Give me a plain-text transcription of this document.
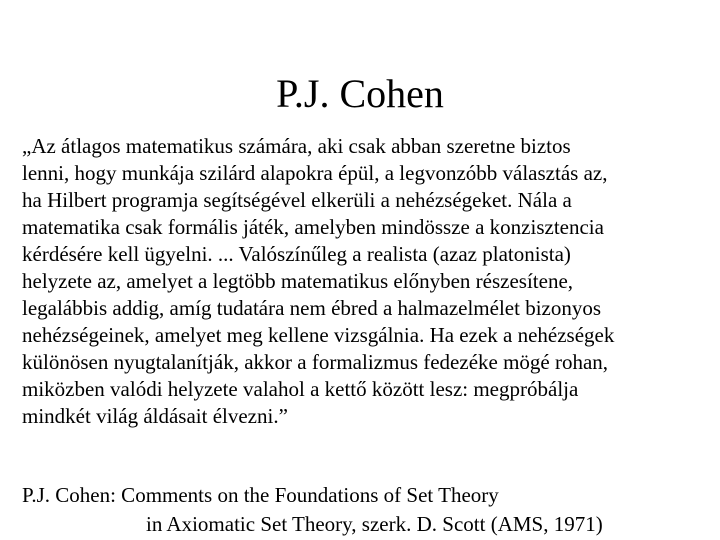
P.J. Cohen
„Az átlagos matematikus számára, aki csak abban szeretne biztos
lenni, hogy munkája szilárd alapokra épül, a legvonzóbb választás az,
ha Hilbert programja segítségével elkerüli a nehézségeket. Nála a
matematika csak formális játék, amelyben mindössze a konzisztencia
kérdésére kell ügyelni. ... Valószínűleg a realista (azaz platonista)
helyzete az, amelyet a legtöbb matematikus előnyben részesítene,
legalábbis addig, amíg tudatára nem ébred a halmazelmélet bizonyos
nehézségeinek, amelyet meg kellene vizsgálnia. Ha ezek a nehézségek
különösen nyugtalanítják, akkor a formalizmus fedezéke mögé rohan,
miközben valódi helyzete valahol a kettő között lesz: megpróbálja
mindkét világ áldásait élvezni.”
P.J. Cohen: Comments on the Foundations of Set Theory
in Axiomatic Set Theory, szerk. D. Scott (AMS, 1971)
